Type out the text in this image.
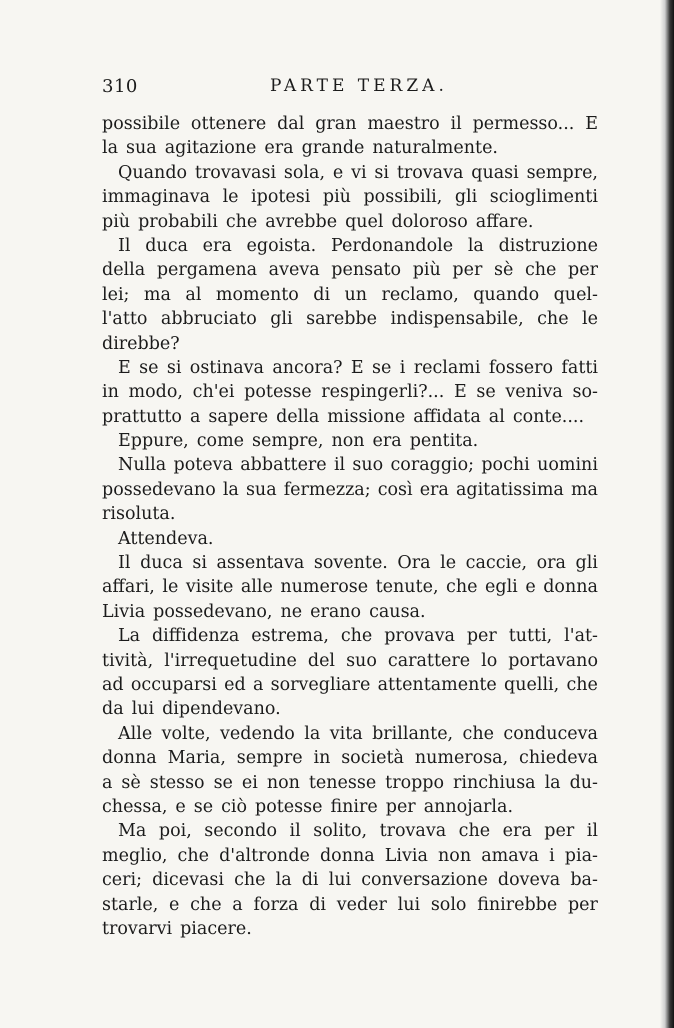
310	PARTE TERZA.
possibile ottenere dal gran maestro il permesso... E
la sua agitazione era grande naturalmente.
Quando trovavasi sola, e vi si trovava quasi sempre,
immaginava le ipotesi più possibili, gli scioglimenti
più probabili che avrebbe quel doloroso affare.
Il duca era egoista. Perdonandole la distruzione
della pergamena aveva pensato più per sè che per
lei; ma al momento di un reclamo, quando quel-
l'atto abbruciato gli sarebbe indispensabile, che le
direbbe?
E se si ostinava ancora? E se i reclami fossero fatti
in modo, ch'ei potesse respingerli?... E se veniva so-
prattutto a sapere della missione affidata al conte....
Eppure, come sempre, non era pentita.
Nulla poteva abbattere il suo coraggio; pochi uomini
possedevano la sua fermezza; così era agitatissima ma
risoluta.
Attendeva.
Il duca si assentava sovente. Ora le caccie, ora gli
affari, le visite alle numerose tenute, che egli e donna
Livia possedevano, ne erano causa.
La diffidenza estrema, che provava per tutti, l'at-
tività, l'irrequetudine del suo carattere lo portavano
ad occuparsi ed a sorvegliare attentamente quelli, che
da lui dipendevano.
Alle volte, vedendo la vita brillante, che conduceva
donna Maria, sempre in società numerosa, chiedeva
a sè stesso se ei non tenesse troppo rinchiusa la du-
chessa, e se ciò potesse finire per annojarla.
Ma poi, secondo il solito, trovava che era per il
meglio, che d'altronde donna Livia non amava i pia-
ceri; dicevasi che la di lui conversazione doveva ba-
starle, e che a forza di veder lui solo finirebbe per
trovarvi piacere.
